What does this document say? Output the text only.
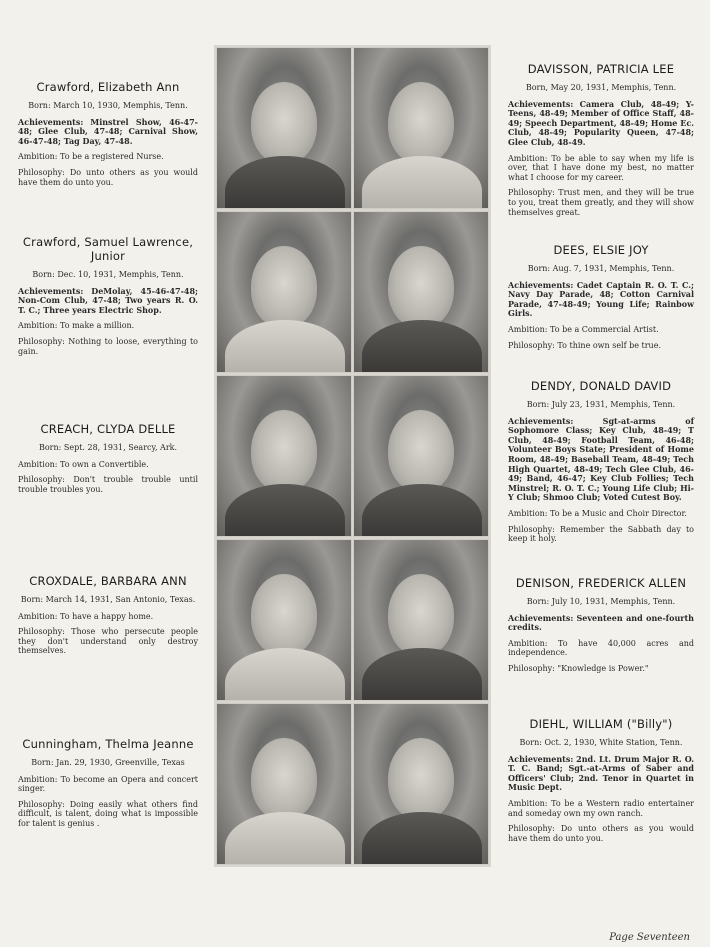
Crawford, Elizabeth Ann
Born: March 10, 1930, Memphis, Tenn.

Achievements: Minstrel Show, 46-47-48; Glee Club, 47-48; Carnival Show, 46-47-48; Tag Day, 47-48.

Ambition: To be a registered Nurse.

Philosophy: Do unto others as you would have them do unto you.

Crawford, Samuel Lawrence, Junior
Born: Dec. 10, 1931, Memphis, Tenn.

Achievements: DeMolay, 45-46-47-48; Non-Com Club, 47-48; Two years R. O. T. C.; Three years Electric Shop.

Ambition: To make a million.

Philosophy: Nothing to loose, everything to gain.

CREACH, CLYDA DELLE
Born: Sept. 28, 1931, Searcy, Ark.

Ambition: To own a Convertible.

Philosophy: Don't trouble trouble until trouble troubles you.

CROXDALE, BARBARA ANN
Born: March 14, 1931, San Antonio, Texas.

Ambition: To have a happy home.

Philosophy: Those who persecute people they don't understand only destroy themselves.

Cunningham, Thelma Jeanne
Born: Jan. 29, 1930, Greenville, Texas

Ambition: To become an Opera and concert singer.

Philosophy: Doing easily what others find difficult, is talent, doing what is impossible for talent is genius .

DAVISSON, PATRICIA LEE
Born, May 20, 1931, Memphis, Tenn.

Achievements: Camera Club, 48-49; Y-Teens, 48-49; Member of Office Staff, 48-49; Speech Department, 48-49; Home Ec. Club, 48-49; Popularity Queen, 47-48; Glee Club, 48-49.

Ambition: To be able to say when my life is over, that I have done my best, no matter what I choose for my career.

Philosophy: Trust men, and they will be true to you, treat them greatly, and they will show themselves great.

DEES, ELSIE JOY
Born: Aug. 7, 1931, Memphis, Tenn.

Achievements: Cadet Captain R. O. T. C.; Navy Day Parade, 48; Cotton Carnival Parade, 47-48-49; Young Life; Rainbow Girls.

Ambition: To be a Commercial Artist.

Philosophy: To thine own self be true.

DENDY, DONALD DAVID
Born: July 23, 1931, Memphis, Tenn.

Achievements:	Sgt-at-arms of Sophomore Class; Key Club, 48-49; T Club, 48-49; Football Team, 46-48; Volunteer Boys State; President of Home Room, 48-49; Baseball Team, 48-49; Tech High Quartet, 48-49; Tech Glee Club, 46-49; Band, 46-47; Key Club Follies; Tech Minstrel; R. O. T. C.; Young Life Club; Hi-Y Club; Shmoo Club; Voted Cutest Boy.

Ambition: To be a Music and Choir Director.

Philosophy: Remember the Sabbath day to keep it holy.

DENISON, FREDERICK ALLEN
Born: July 10, 1931, Memphis, Tenn.

Achievements: Seventeen and one-fourth credits.

Ambition: To have 40,000 acres and independence.

Philosophy: "Knowledge is Power."

DIEHL, WILLIAM ("Billy")
Born: Oct. 2, 1930, White Station, Tenn.

Achievements: 2nd. Lt. Drum Major R. O. T. C. Band; Sgt.-at-Arms of Saber and Officers' Club; 2nd. Tenor in Quartet in Music Dept.

Ambition: To be a Western radio entertainer and someday own my own ranch.

Philosophy: Do unto others as you would have them do unto you.

Page Seventeen
